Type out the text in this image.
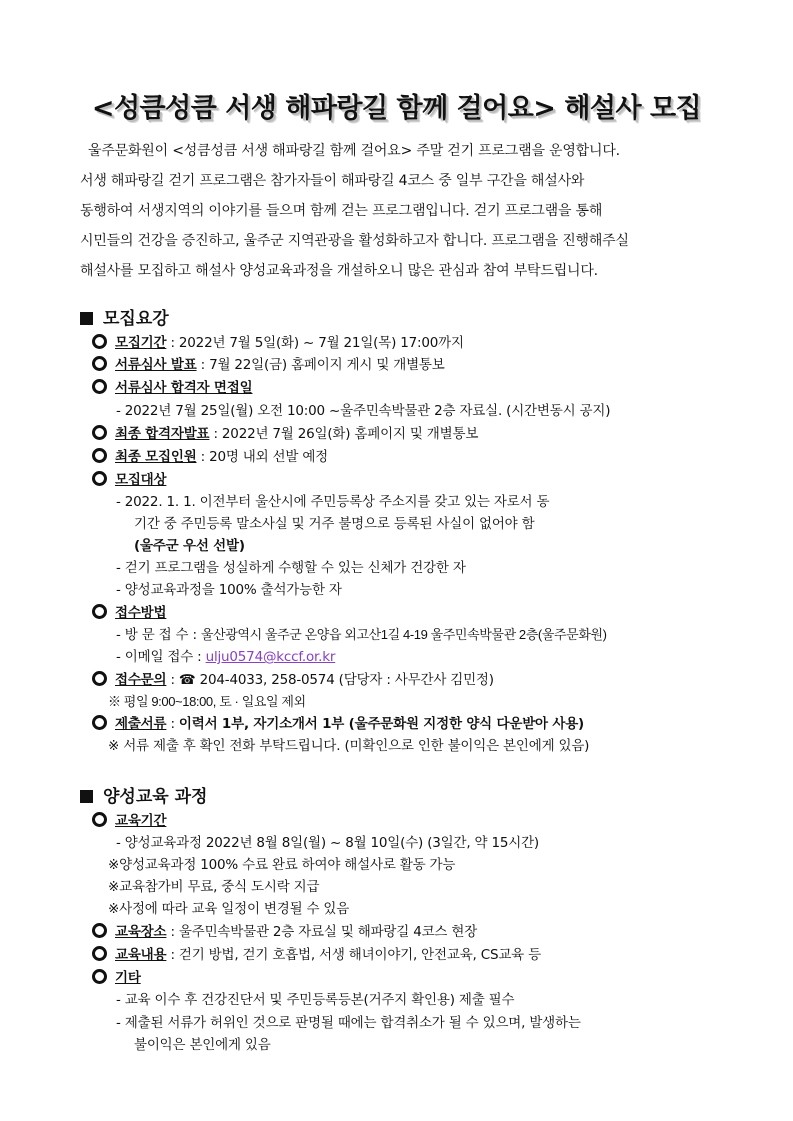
<성큼성큼 서생 해파랑길 함께 걸어요> 해설사 모집
울주문화원이 <성큼성큼 서생 해파랑길 함께 걸어요> 주말 걷기 프로그램을 운영합니다.
서생 해파랑길 걷기 프로그램은 참가자들이 해파랑길 4코스 중 일부 구간을 해설사와
동행하여 서생지역의 이야기를 들으며 함께 걷는 프로그램입니다. 걷기 프로그램을 통해
시민들의 건강을 증진하고, 울주군 지역관광을 활성화하고자 합니다. 프로그램을 진행해주실
해설사를 모집하고 해설사 양성교육과정을 개설하오니 많은 관심과 참여 부탁드립니다.
모집요강
모집기간 : 2022년 7월 5일(화) ~ 7월 21일(목) 17:00까지
서류심사 발표 : 7월 22일(금) 홈페이지 게시 및 개별통보
서류심사 합격자 면접일
- 2022년 7월 25일(월) 오전 10:00 ~울주민속박물관 2층 자료실. (시간변동시 공지)
최종 합격자발표 : 2022년 7월 26일(화) 홈페이지 및 개별통보
최종 모집인원 : 20명 내외 선발 예정
모집대상
- 2022. 1. 1. 이전부터 울산시에 주민등록상 주소지를 갖고 있는 자로서 동
기간 중 주민등록 말소사실 및 거주 불명으로 등록된 사실이 없어야 함
(울주군 우선 선발)
- 걷기 프로그램을 성실하게 수행할 수 있는 신체가 건강한 자
- 양성교육과정을 100% 출석가능한 자
접수방법
- 방 문 접 수 : 울산광역시 울주군 온양읍 외고산1길 4-19 울주민속박물관 2층(울주문화원)
- 이메일 접수 : ulju0574@kccf.or.kr
접수문의 : ☎ 204-4033, 258-0574 (담당자 : 사무간사 김민정)
※ 평일 9:00~18:00, 토 · 일요일 제외
제출서류 : 이력서 1부, 자기소개서 1부 (울주문화원 지정한 양식 다운받아 사용)
※ 서류 제출 후 확인 전화 부탁드립니다. (미확인으로 인한 불이익은 본인에게 있음)
양성교육 과정
교육기간
- 양성교육과정 2022년 8월 8일(월) ~ 8월 10일(수) (3일간, 약 15시간)
※양성교육과정 100% 수료 완료 하여야 해설사로 활동 가능
※교육참가비 무료, 중식 도시락 지급
※사정에 따라 교육 일정이 변경될 수 있음
교육장소 : 울주민속박물관 2층 자료실 및 해파랑길 4코스 현장
교육내용 : 걷기 방법, 걷기 호흡법, 서생 해녀이야기, 안전교육, CS교육 등
기타
- 교육 이수 후 건강진단서 및 주민등록등본(거주지 확인용) 제출 필수
- 제출된 서류가 허위인 것으로 판명될 때에는 합격취소가 될 수 있으며, 발생하는
불이익은 본인에게 있음
